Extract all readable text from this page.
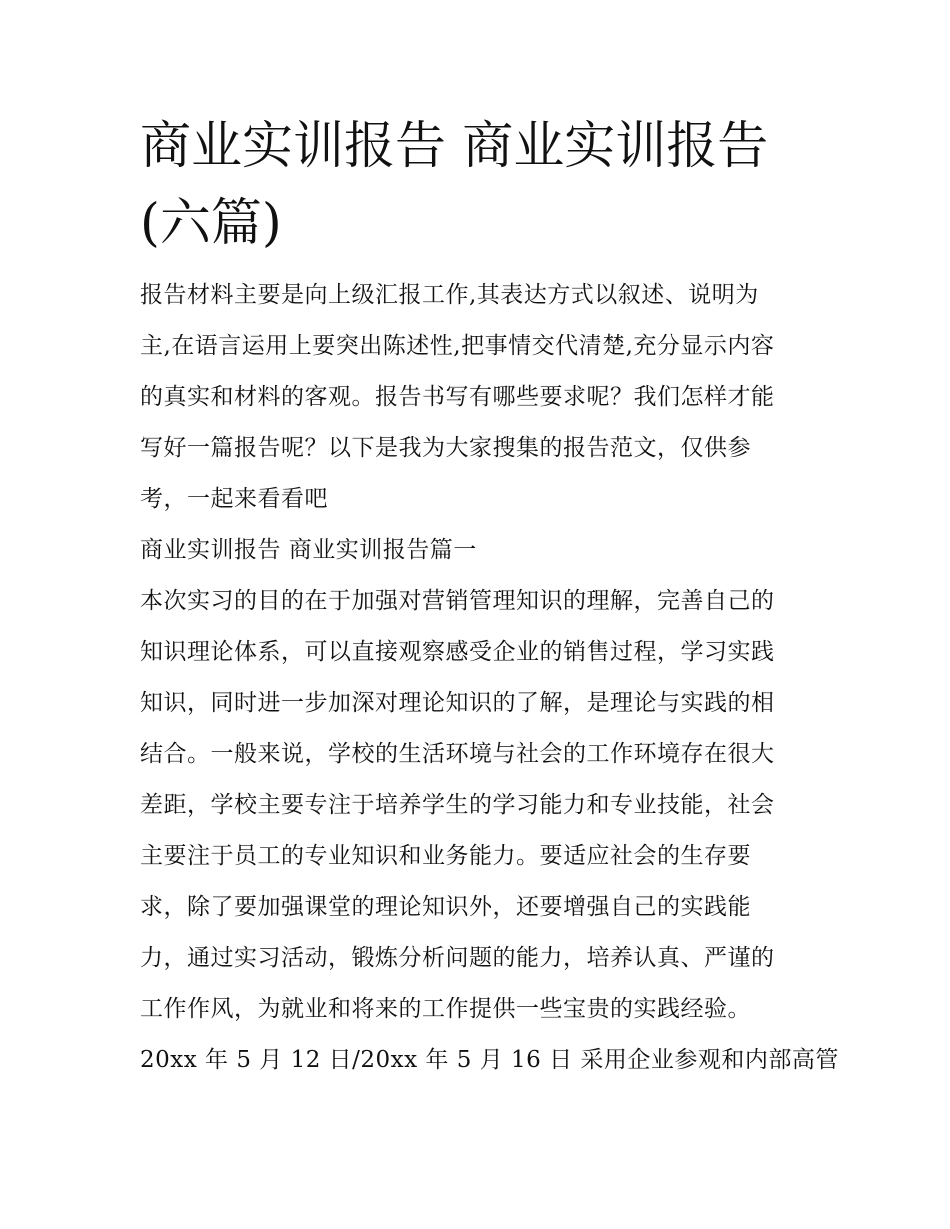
商业实训报告 商业实训报告
(六篇)
报告材料主要是向上级汇报工作,其表达方式以叙述、说明为
主,在语言运用上要突出陈述性,把事情交代清楚,充分显示内容
的真实和材料的客观。报告书写有哪些要求呢？我们怎样才能
写好一篇报告呢？以下是我为大家搜集的报告范文，仅供参
考，一起来看看吧
商业实训报告 商业实训报告篇一
本次实习的目的在于加强对营销管理知识的理解，完善自己的
知识理论体系，可以直接观察感受企业的销售过程，学习实践
知识，同时进一步加深对理论知识的了解，是理论与实践的相
结合。一般来说，学校的生活环境与社会的工作环境存在很大
差距，学校主要专注于培养学生的学习能力和专业技能，社会
主要注于员工的专业知识和业务能力。要适应社会的生存要
求，除了要加强课堂的理论知识外，还要增强自己的实践能
力，通过实习活动，锻炼分析问题的能力，培养认真、严谨的
工作作风，为就业和将来的工作提供一些宝贵的实践经验。
20xx 年 5 月 12 日/20xx 年 5 月 16 日 采用企业参观和内部高管
